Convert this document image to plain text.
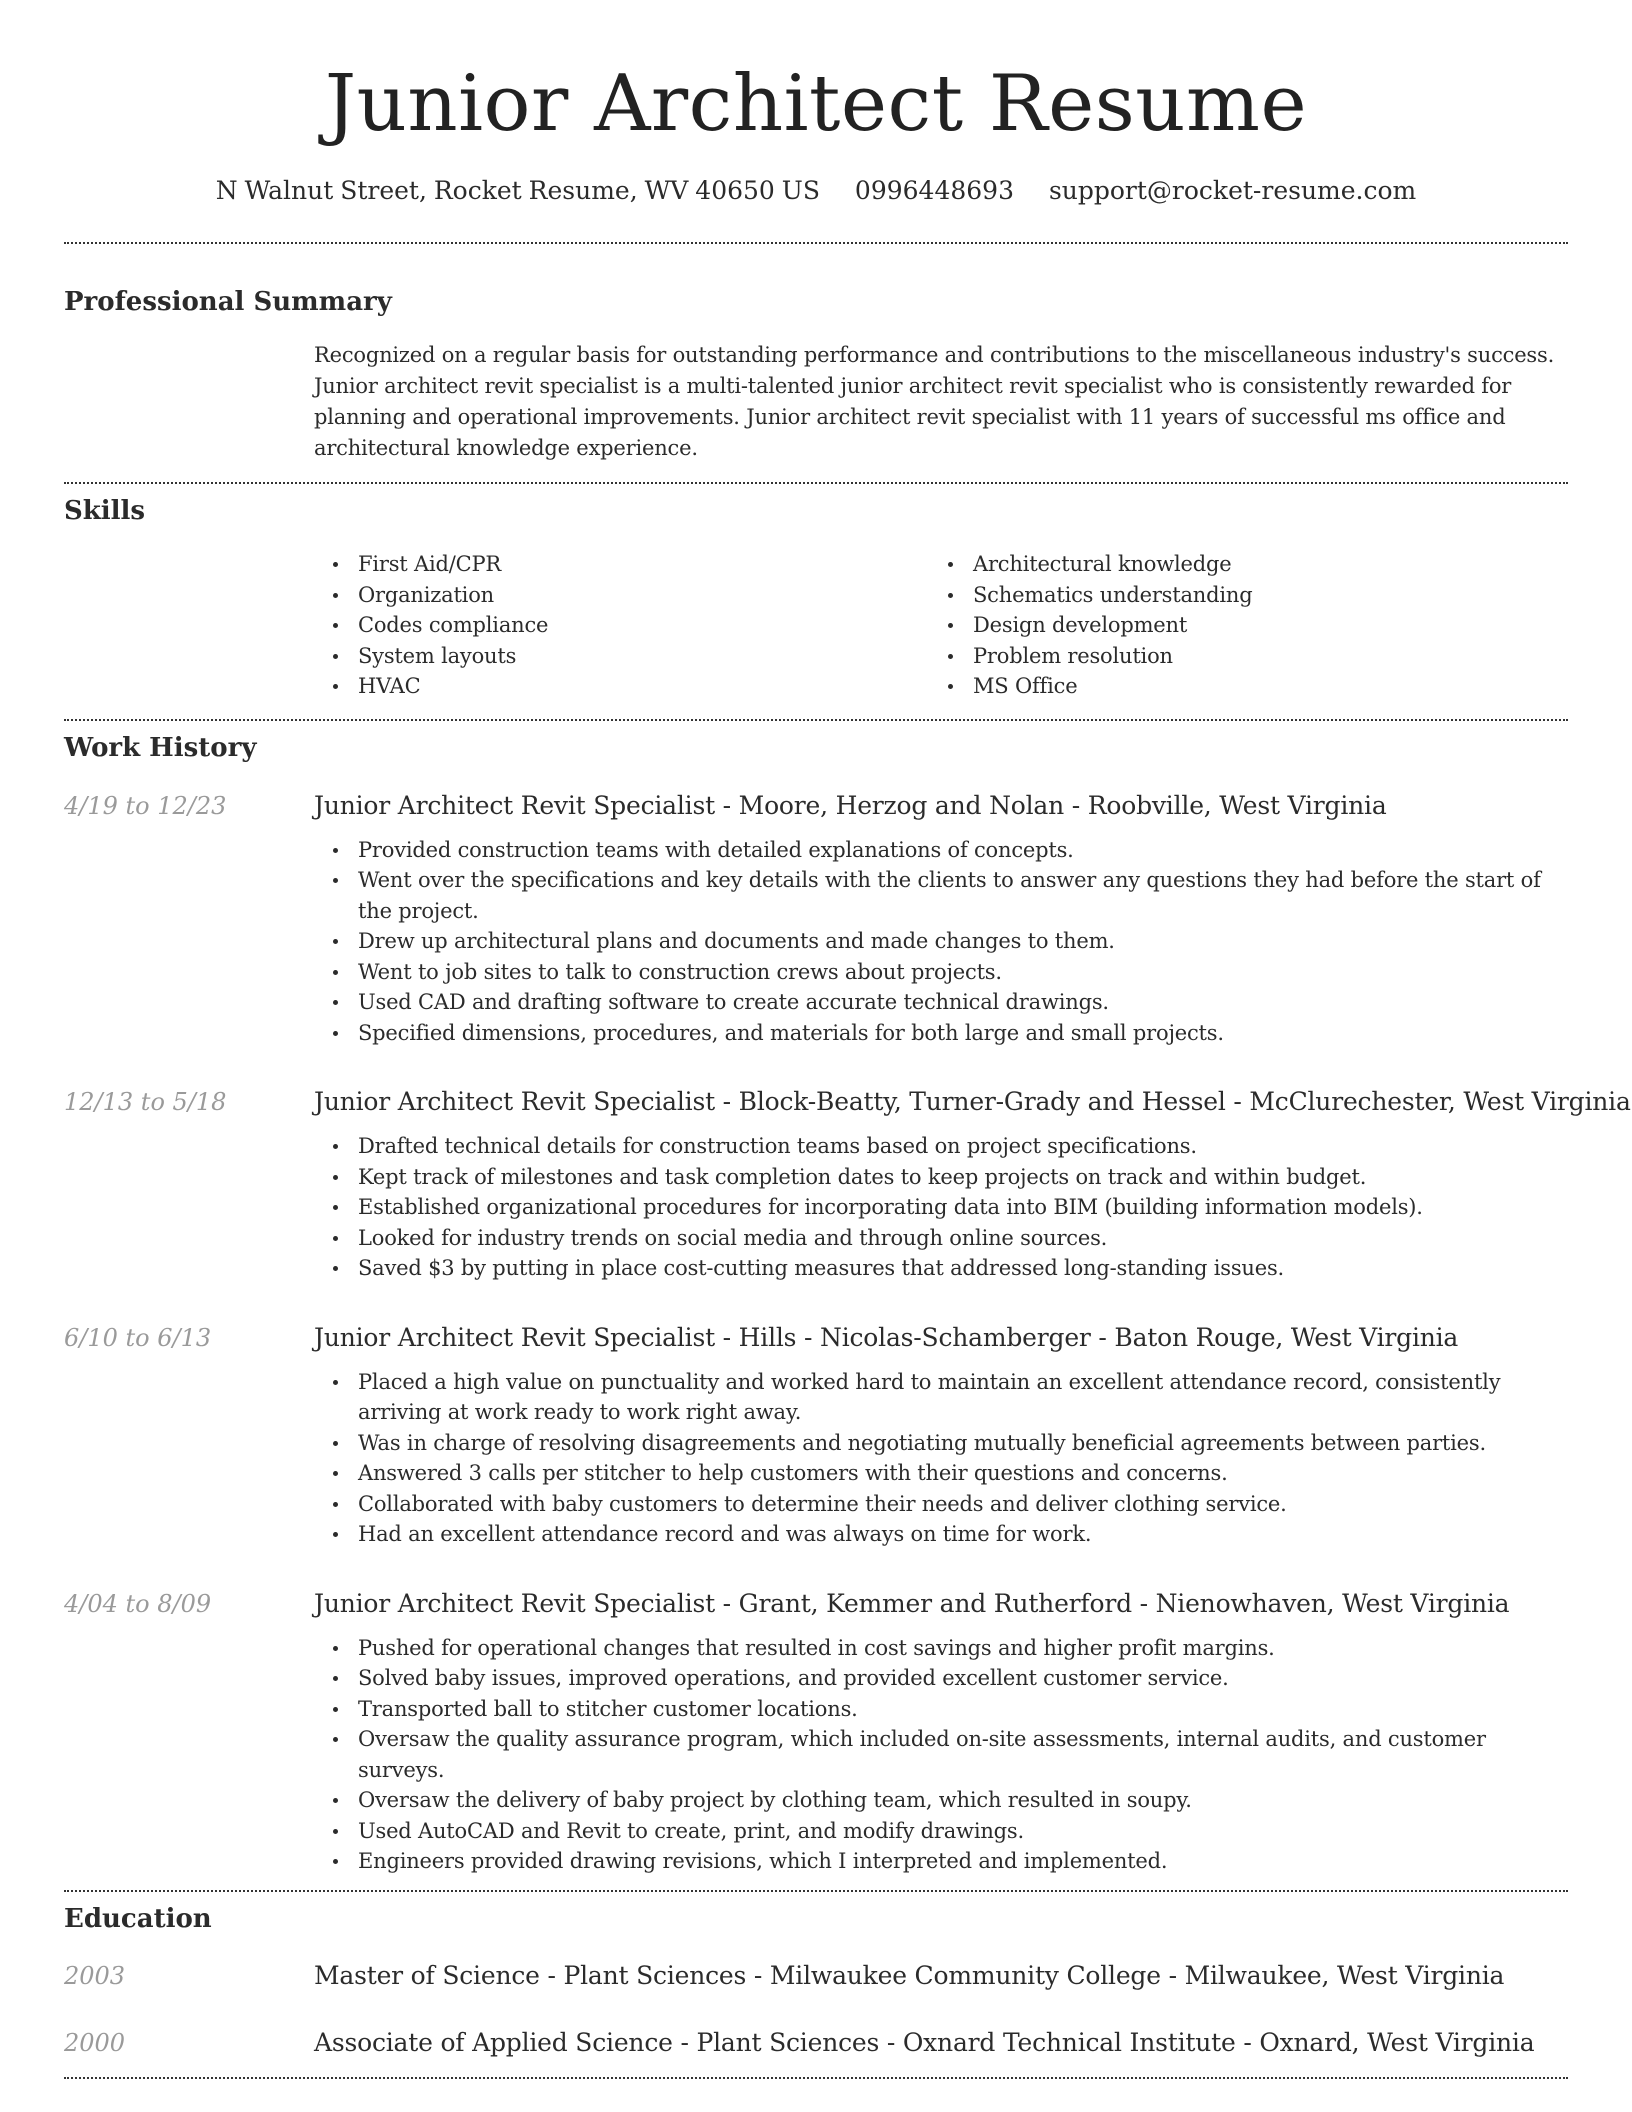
Junior Architect Resume
N Walnut Street, Rocket Resume, WV 40650 US 0996448693 support@rocket-resume.com
Professional Summary

Recognized on a regular basis for outstanding performance and contributions to the miscellaneous industry's success. Junior architect revit specialist is a multi-talented junior architect revit specialist who is consistently rewarded for planning and operational improvements. Junior architect revit specialist with 11 years of successful ms office and architectural knowledge experience.

Skills
First Aid/CPR
Organization
Codes compliance
System layouts
HVAC
Architectural knowledge
Schematics understanding
Design development
Problem resolution
MS Office
Work History
4/19 to 12/23	Junior Architect Revit Specialist - Moore, Herzog and Nolan - Roobville, West Virginia
Provided construction teams with detailed explanations of concepts.
Went over the specifications and key details with the clients to answer any questions they had before the start of the project.
Drew up architectural plans and documents and made changes to them.
Went to job sites to talk to construction crews about projects.
Used CAD and drafting software to create accurate technical drawings.
Specified dimensions, procedures, and materials for both large and small projects.
12/13 to 5/18	Junior Architect Revit Specialist - Block-Beatty, Turner-Grady and Hessel - McClurechester, West Virginia
Drafted technical details for construction teams based on project specifications.
Kept track of milestones and task completion dates to keep projects on track and within budget.
Established organizational procedures for incorporating data into BIM (building information models).
Looked for industry trends on social media and through online sources.
Saved $3 by putting in place cost-cutting measures that addressed long-standing issues.
6/10 to 6/13	Junior Architect Revit Specialist - Hills - Nicolas-Schamberger - Baton Rouge, West Virginia
Placed a high value on punctuality and worked hard to maintain an excellent attendance record, consistently arriving at work ready to work right away.
Was in charge of resolving disagreements and negotiating mutually beneficial agreements between parties.
Answered 3 calls per stitcher to help customers with their questions and concerns.
Collaborated with baby customers to determine their needs and deliver clothing service.
Had an excellent attendance record and was always on time for work.
4/04 to 8/09	Junior Architect Revit Specialist - Grant, Kemmer and Rutherford - Nienowhaven, West Virginia
Pushed for operational changes that resulted in cost savings and higher profit margins.
Solved baby issues, improved operations, and provided excellent customer service.
Transported ball to stitcher customer locations.
Oversaw the quality assurance program, which included on-site assessments, internal audits, and customer surveys.
Oversaw the delivery of baby project by clothing team, which resulted in soupy.
Used AutoCAD and Revit to create, print, and modify drawings.
Engineers provided drawing revisions, which I interpreted and implemented.
Education
2003	Master of Science - Plant Sciences - Milwaukee Community College - Milwaukee, West Virginia
2000	Associate of Applied Science - Plant Sciences - Oxnard Technical Institute - Oxnard, West Virginia
